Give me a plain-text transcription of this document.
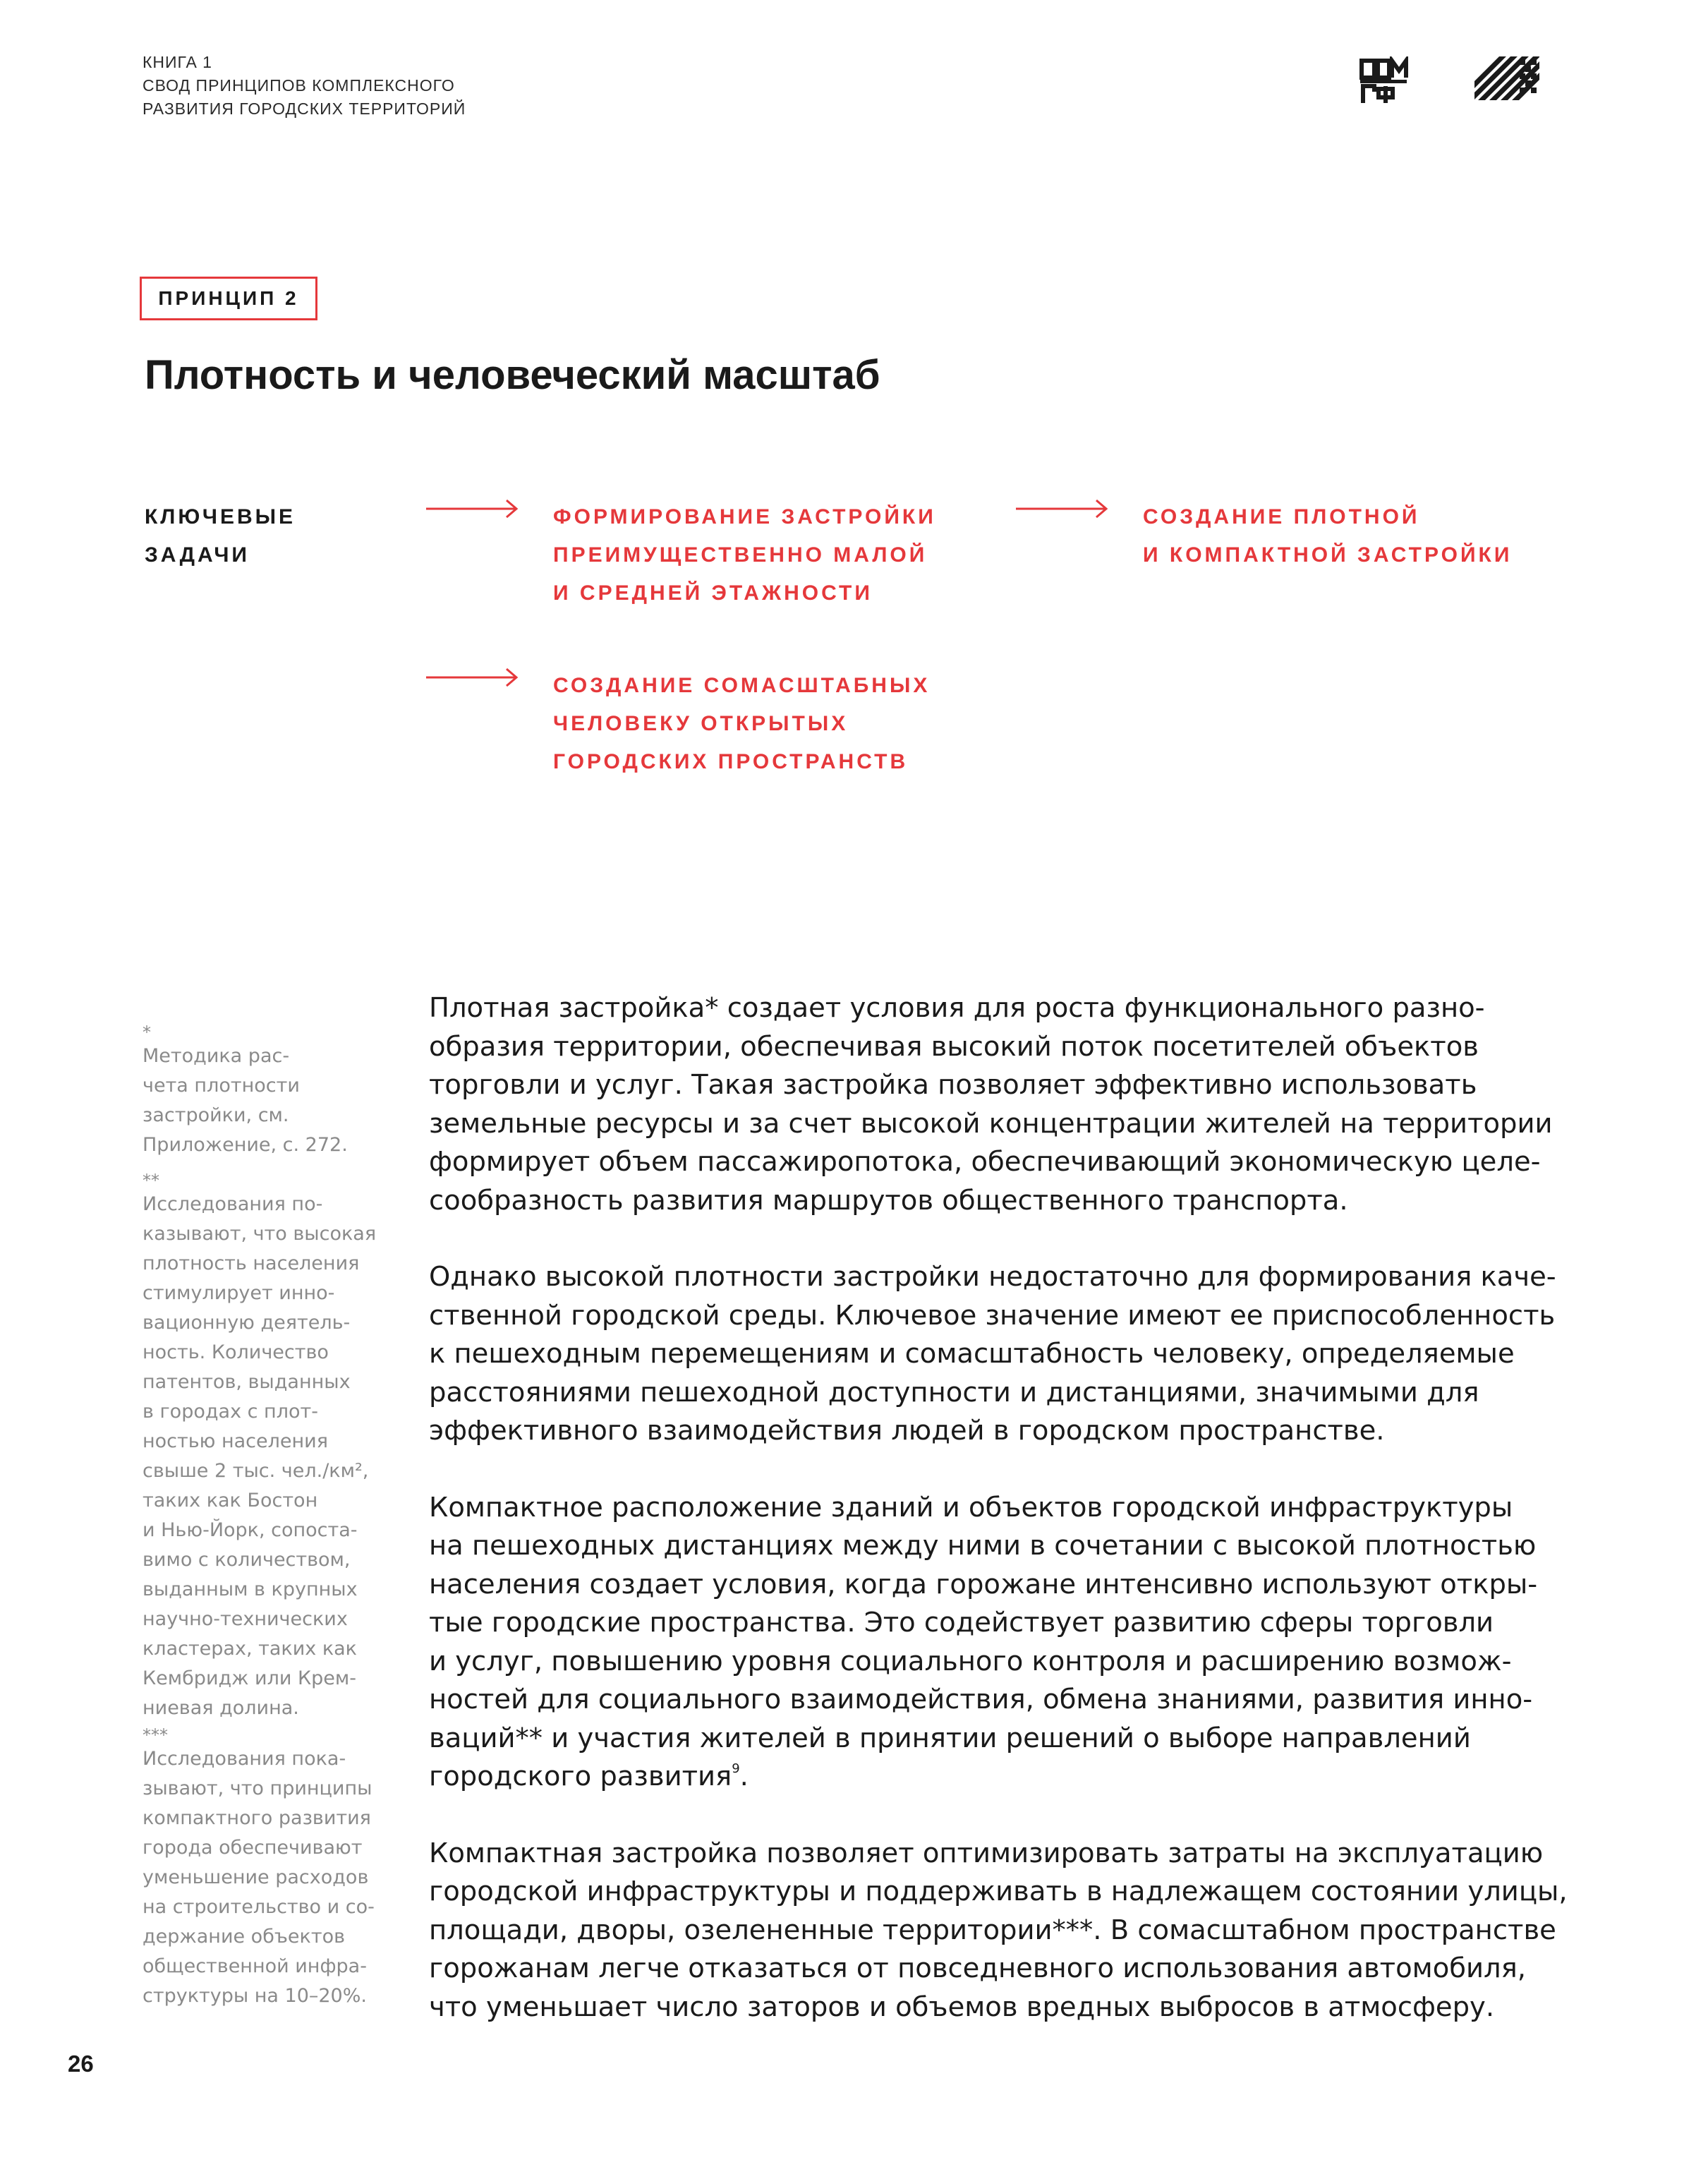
КНИГА 1
СВОД ПРИНЦИПОВ КОМПЛЕКСНОГО
РАЗВИТИЯ ГОРОДСКИХ ТЕРРИТОРИЙ
ПРИНЦИП 2
Плотность и человеческий масштаб
КЛЮЧЕВЫЕ
ЗАДАЧИ
ФОРМИРОВАНИЕ ЗАСТРОЙКИ
ПРЕИМУЩЕСТВЕННО МАЛОЙ
И СРЕДНЕЙ ЭТАЖНОСТИ
СОЗДАНИЕ ПЛОТНОЙ
И КОМПАКТНОЙ ЗАСТРОЙКИ
СОЗДАНИЕ СОМАСШТАБНЫХ
ЧЕЛОВЕКУ ОТКРЫТЫХ
ГОРОДСКИХ ПРОСТРАНСТВ
*
Методика рас-
чета плотности
застройки, см.
Приложение, с. 272.
**
Исследования по-
казывают, что высокая
плотность населения
стимулирует инно-
вационную деятель-
ность. Количество
патентов, выданных
в городах с плот-
ностью населения
свыше 2 тыс. чел./км²,
таких как Бостон
и Нью-Йорк, сопоста-
вимо с количеством,
выданным в крупных
научно-технических
кластерах, таких как
Кембридж или Крем-
ниевая долина.
***
Исследования пока-
зывают, что принципы
компактного развития
города обеспечивают
уменьшение расходов
на строительство и со-
держание объектов
общественной инфра-
структуры на 10–20%.

Плотная застройка* создает условия для роста функционального разно-
образия территории, обеспечивая высокий поток посетителей объектов
торговли и услуг. Такая застройка позволяет эффективно использовать
земельные ресурсы и за счет высокой концентрации жителей на территории
формирует объем пассажиропотока, обеспечивающий экономическую целе-
сообразность развития маршрутов общественного транспорта.

Однако высокой плотности застройки недостаточно для формирования каче-
ственной городской среды. Ключевое значение имеют ее приспособленность
к пешеходным перемещениям и сомасштабность человеку, определяемые
расстояниями пешеходной доступности и дистанциями, значимыми для
эффективного взаимодействия людей в городском пространстве.

Компактное расположение зданий и объектов городской инфраструктуры
на пешеходных дистанциях между ними в сочетании с высокой плотностью
населения создает условия, когда горожане интенсивно используют откры-
тые городские пространства. Это содействует развитию сферы торговли
и услуг, повышению уровня социального контроля и расширению возмож-
ностей для социального взаимодействия, обмена знаниями, развития инно-
ваций** и участия жителей в принятии решений о выборе направлений
городского развития$^9$.

Компактная застройка позволяет оптимизировать затраты на эксплуатацию
городской инфраструктуры и поддерживать в надлежащем состоянии улицы,
площади, дворы, озелененные территории***. В сомасштабном пространстве
горожанам легче отказаться от повседневного использования автомобиля,
что уменьшает число заторов и объемов вредных выбросов в атмосферу.

26
